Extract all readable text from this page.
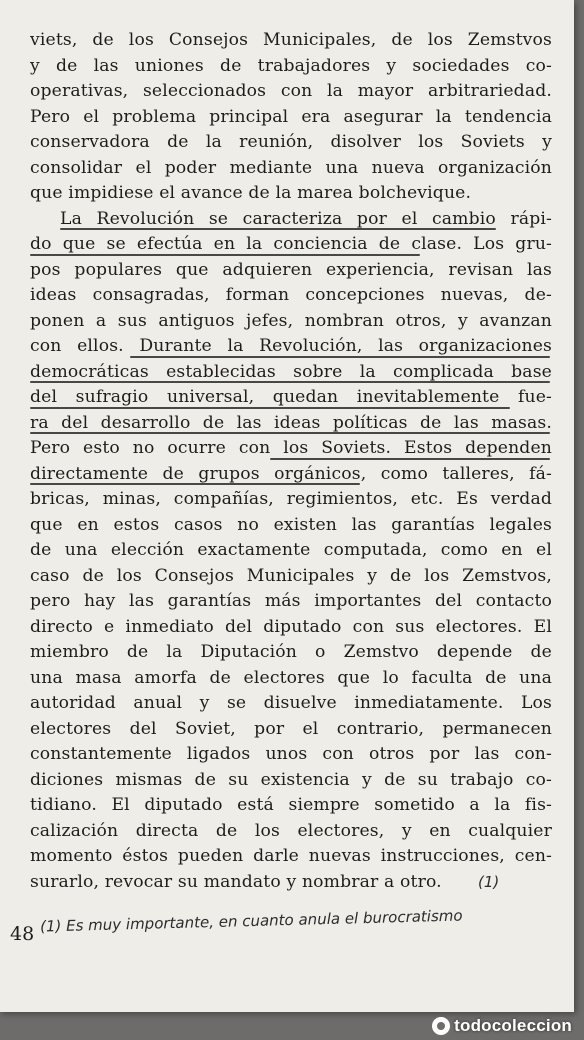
viets, de los Consejos Municipales, de los Zemstvos
y de las uniones de trabajadores y sociedades co-
operativas, seleccionados con la mayor arbitrariedad.
Pero el problema principal era asegurar la tendencia
conservadora de la reunión, disolver los Soviets y
consolidar el poder mediante una nueva organización
que impidiese el avance de la marea bolchevique.
La Revolución se caracteriza por el cambio rápi-
do que se efectúa en la conciencia de clase. Los gru-
pos populares que adquieren experiencia, revisan las
ideas consagradas, forman concepciones nuevas, de-
ponen a sus antiguos jefes, nombran otros, y avanzan
con ellos. Durante la Revolución, las organizaciones
democráticas establecidas sobre la complicada base
del sufragio universal, quedan inevitablemente fue-
ra del desarrollo de las ideas políticas de las masas.
Pero esto no ocurre con los Soviets. Estos dependen
directamente de grupos orgánicos, como talleres, fá-
bricas, minas, compañías, regimientos, etc. Es verdad
que en estos casos no existen las garantías legales
de una elección exactamente computada, como en el
caso de los Consejos Municipales y de los Zemstvos,
pero hay las garantías más importantes del contacto
directo e inmediato del diputado con sus electores. El
miembro de la Diputación o Zemstvo depende de
una masa amorfa de electores que lo faculta de una
autoridad anual y se disuelve inmediatamente. Los
electores del Soviet, por el contrario, permanecen
constantemente ligados unos con otros por las con-
diciones mismas de su existencia y de su trabajo co-
tidiano. El diputado está siempre sometido a la fis-
calización directa de los electores, y en cualquier
momento éstos pueden darle nuevas instrucciones, cen-
surarlo, revocar su mandato y nombrar a otro.	(1)
48 (1) Es muy importante, en cuanto anula el burocratismo
todocoleccion
